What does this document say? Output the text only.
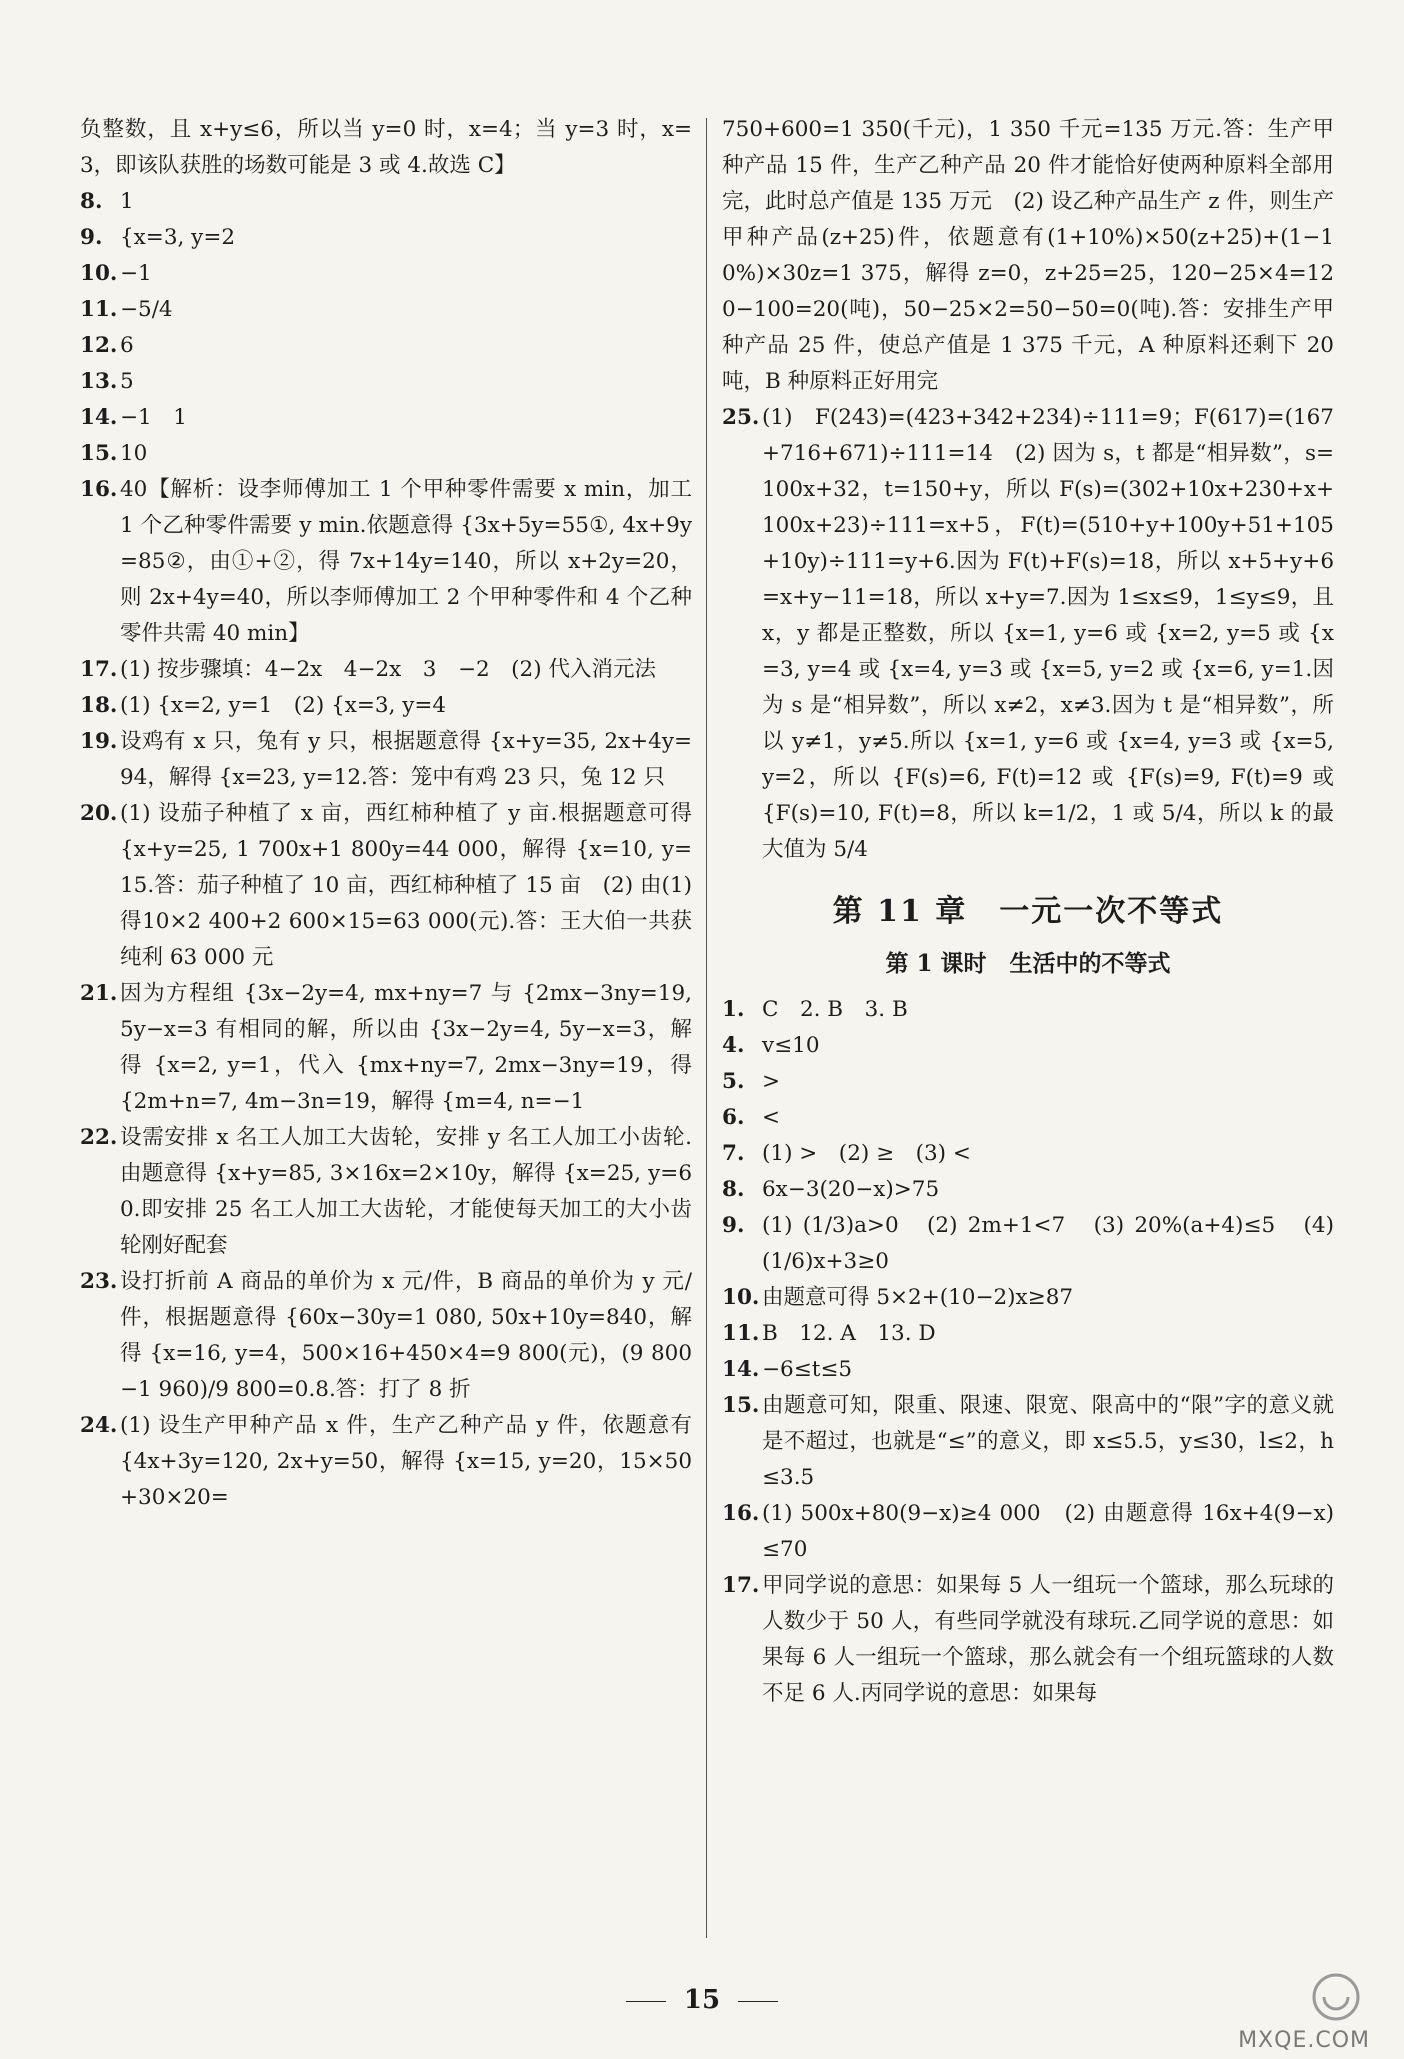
负整数，且 x+y≤6，所以当 y=0 时，x=4；当 y=3 时，x=3，即该队获胜的场数可能是 3 或 4.故选 C】
8. 1
9. {x=3, y=2
10. −1
11. −5/4
12. 6
13. 5
14. −1　1
15. 10
16. 40【解析：设李师傅加工 1 个甲种零件需要 x min，加工 1 个乙种零件需要 y min.依题意得 {3x+5y=55①, 4x+9y=85②，由①+②，得 7x+14y=140，所以 x+2y=20，则 2x+4y=40，所以李师傅加工 2 个甲种零件和 4 个乙种零件共需 40 min】
17. (1) 按步骤填：4−2x　4−2x　3　−2　(2) 代入消元法
18. (1) {x=2, y=1　(2) {x=3, y=4
19. 设鸡有 x 只，兔有 y 只，根据题意得 {x+y=35, 2x+4y=94，解得 {x=23, y=12.答：笼中有鸡 23 只，兔 12 只
20. (1) 设茄子种植了 x 亩，西红柿种植了 y 亩.根据题意可得 {x+y=25, 1 700x+1 800y=44 000，解得 {x=10, y=15.答：茄子种植了 10 亩，西红柿种植了 15 亩　(2) 由(1)得10×2 400+2 600×15=63 000(元).答：王大伯一共获纯利 63 000 元
21. 因为方程组 {3x−2y=4, mx+ny=7 与 {2mx−3ny=19, 5y−x=3 有相同的解，所以由 {3x−2y=4, 5y−x=3，解得 {x=2, y=1，代入 {mx+ny=7, 2mx−3ny=19，得 {2m+n=7, 4m−3n=19，解得 {m=4, n=−1
22. 设需安排 x 名工人加工大齿轮，安排 y 名工人加工小齿轮.由题意得 {x+y=85, 3×16x=2×10y，解得 {x=25, y=60.即安排 25 名工人加工大齿轮，才能使每天加工的大小齿轮刚好配套
23. 设打折前 A 商品的单价为 x 元/件，B 商品的单价为 y 元/件，根据题意得 {60x−30y=1 080, 50x+10y=840，解得 {x=16, y=4，500×16+450×4=9 800(元)，(9 800−1 960)/9 800=0.8.答：打了 8 折
24. (1) 设生产甲种产品 x 件，生产乙种产品 y 件，依题意有 {4x+3y=120, 2x+y=50，解得 {x=15, y=20，15×50+30×20=
750+600=1 350(千元)，1 350 千元=135 万元.答：生产甲种产品 15 件，生产乙种产品 20 件才能恰好使两种原料全部用完，此时总产值是 135 万元　(2) 设乙种产品生产 z 件，则生产甲种产品(z+25)件，依题意有(1+10%)×50(z+25)+(1−10%)×30z=1 375，解得 z=0，z+25=25，120−25×4=120−100=20(吨)，50−25×2=50−50=0(吨).答：安排生产甲种产品 25 件，使总产值是 1 375 千元，A 种原料还剩下 20 吨，B 种原料正好用完
25. (1) F(243)=(423+342+234)÷111=9；F(617)=(167+716+671)÷111=14　(2) 因为 s，t 都是“相异数”，s=100x+32，t=150+y，所以 F(s)=(302+10x+230+x+100x+23)÷111=x+5，F(t)=(510+y+100y+51+105+10y)÷111=y+6.因为 F(t)+F(s)=18，所以 x+5+y+6=x+y−11=18，所以 x+y=7.因为 1≤x≤9，1≤y≤9，且 x，y 都是正整数，所以 {x=1, y=6 或 {x=2, y=5 或 {x=3, y=4 或 {x=4, y=3 或 {x=5, y=2 或 {x=6, y=1.因为 s 是“相异数”，所以 x≠2，x≠3.因为 t 是“相异数”，所以 y≠1，y≠5.所以 {x=1, y=6 或 {x=4, y=3 或 {x=5, y=2，所以 {F(s)=6, F(t)=12 或 {F(s)=9, F(t)=9 或 {F(s)=10, F(t)=8，所以 k=1/2，1 或 5/4，所以 k 的最大值为 5/4
第 11 章　一元一次不等式
第 1 课时　生活中的不等式
1. C　2. B　3. B
4. v≤10
5. >
6. <
7. (1) >　(2) ≥　(3) <
8. 6x−3(20−x)>75
9. (1) (1/3)a>0　(2) 2m+1<7　(3) 20%(a+4)≤5　(4) (1/6)x+3≥0
10. 由题意可得 5×2+(10−2)x≥87
11. B　12. A　13. D
14. −6≤t≤5
15. 由题意可知，限重、限速、限宽、限高中的“限”字的意义就是不超过，也就是“≤”的意义，即 x≤5.5，y≤30，l≤2，h≤3.5
16. (1) 500x+80(9−x)≥4 000　(2) 由题意得 16x+4(9−x)≤70
17. 甲同学说的意思：如果每 5 人一组玩一个篮球，那么玩球的人数少于 50 人，有些同学就没有球玩.乙同学说的意思：如果每 6 人一组玩一个篮球，那么就会有一个组玩篮球的人数不足 6 人.丙同学说的意思：如果每
15
MXQE.COM
